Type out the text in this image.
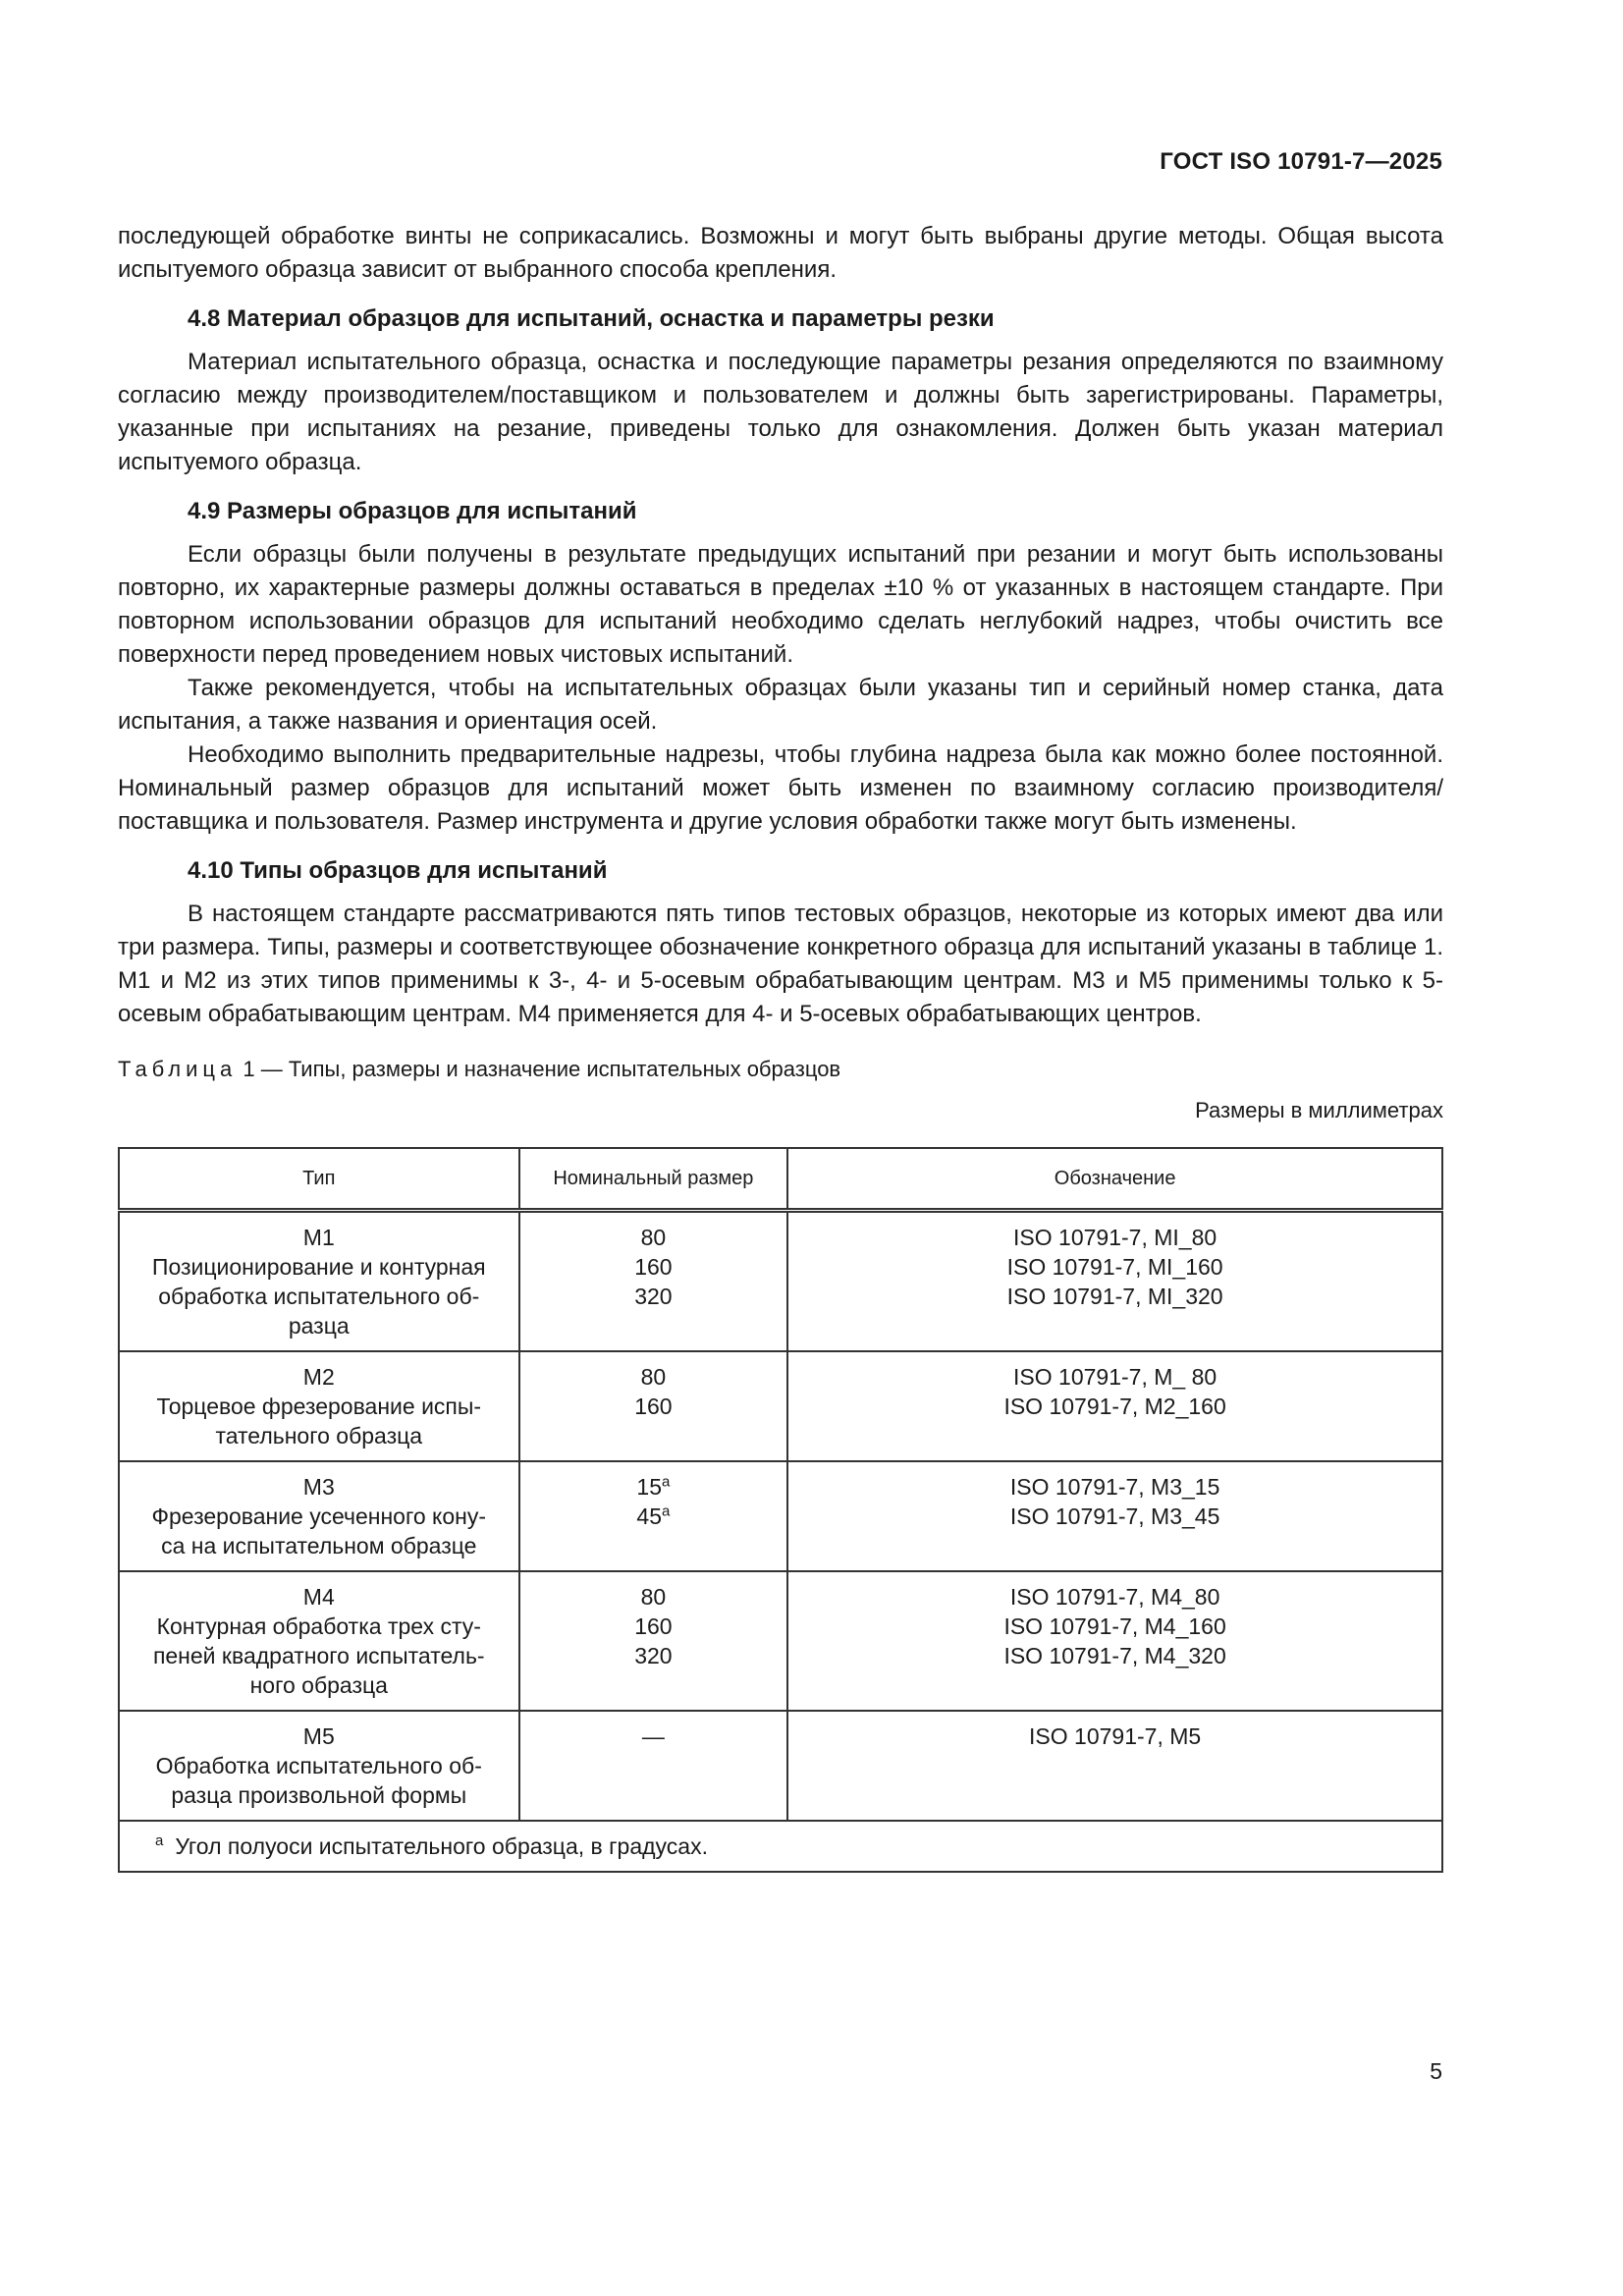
ГОСТ ISO 10791-7—2025

последующей обработке винты не соприкасались. Возможны и могут быть выбраны другие методы. Общая высота испытуемого образца зависит от выбранного способа крепления.

4.8 Материал образцов для испытаний, оснастка и параметры резки

Материал испытательного образца, оснастка и последующие параметры резания определяются по взаимному согласию между производителем/поставщиком и пользователем и должны быть зарегистрированы. Параметры, указанные при испытаниях на резание, приведены только для ознакомления. Должен быть указан материал испытуемого образца.

4.9 Размеры образцов для испытаний

Если образцы были получены в результате предыдущих испытаний при резании и могут быть использованы повторно, их характерные размеры должны оставаться в пределах ±10 % от указанных в настоящем стандарте. При повторном использовании образцов для испытаний необходимо сделать неглубокий надрез, чтобы очистить все поверхности перед проведением новых чистовых испытаний.

Также рекомендуется, чтобы на испытательных образцах были указаны тип и серийный номер станка, дата испытания, а также названия и ориентация осей.

Необходимо выполнить предварительные надрезы, чтобы глубина надреза была как можно более постоянной. Номинальный размер образцов для испытаний может быть изменен по взаимному согласию производителя/поставщика и пользователя. Размер инструмента и другие условия обработки также могут быть изменены.

4.10 Типы образцов для испытаний

В настоящем стандарте рассматриваются пять типов тестовых образцов, некоторые из которых имеют два или три размера. Типы, размеры и соответствующее обозначение конкретного образца для испытаний указаны в таблице 1. М1 и М2 из этих типов применимы к 3-, 4- и 5-осевым обрабатывающим центрам. М3 и М5 применимы только к 5-осевым обрабатывающим центрам. М4 применяется для 4- и 5-осевых обрабатывающих центров.

Таблица 1 — Типы, размеры и назначение испытательных образцов
Размеры в миллиметрах
Тип	Номинальный размер	Обозначение

М1
Позиционирование и контурная
обработка испытательного об-
разца	80
160
320	ISO 10791-7, MI_80
ISO 10791-7, MI_160
ISO 10791-7, MI_320

М2
Торцевое фрезерование испы-
тательного образца	80
160	ISO 10791-7, M_ 80
ISO 10791-7, M2_160

М3
Фрезерование усеченного кону-
са на испытательном образце	$15^а$
$45^а$	ISO 10791-7, M3_15
ISO 10791-7, M3_45

М4
Контурная обработка трех сту-
пеней квадратного испытатель-
ного образца	80
160
320	ISO 10791-7, M4_80
ISO 10791-7, M4_160
ISO 10791-7, M4_320

М5
Обработка испытательного об-
разца произвольной формы	—	ISO 10791-7, M5

$^а$ Угол полуоси испытательного образца, в градусах.		
5
